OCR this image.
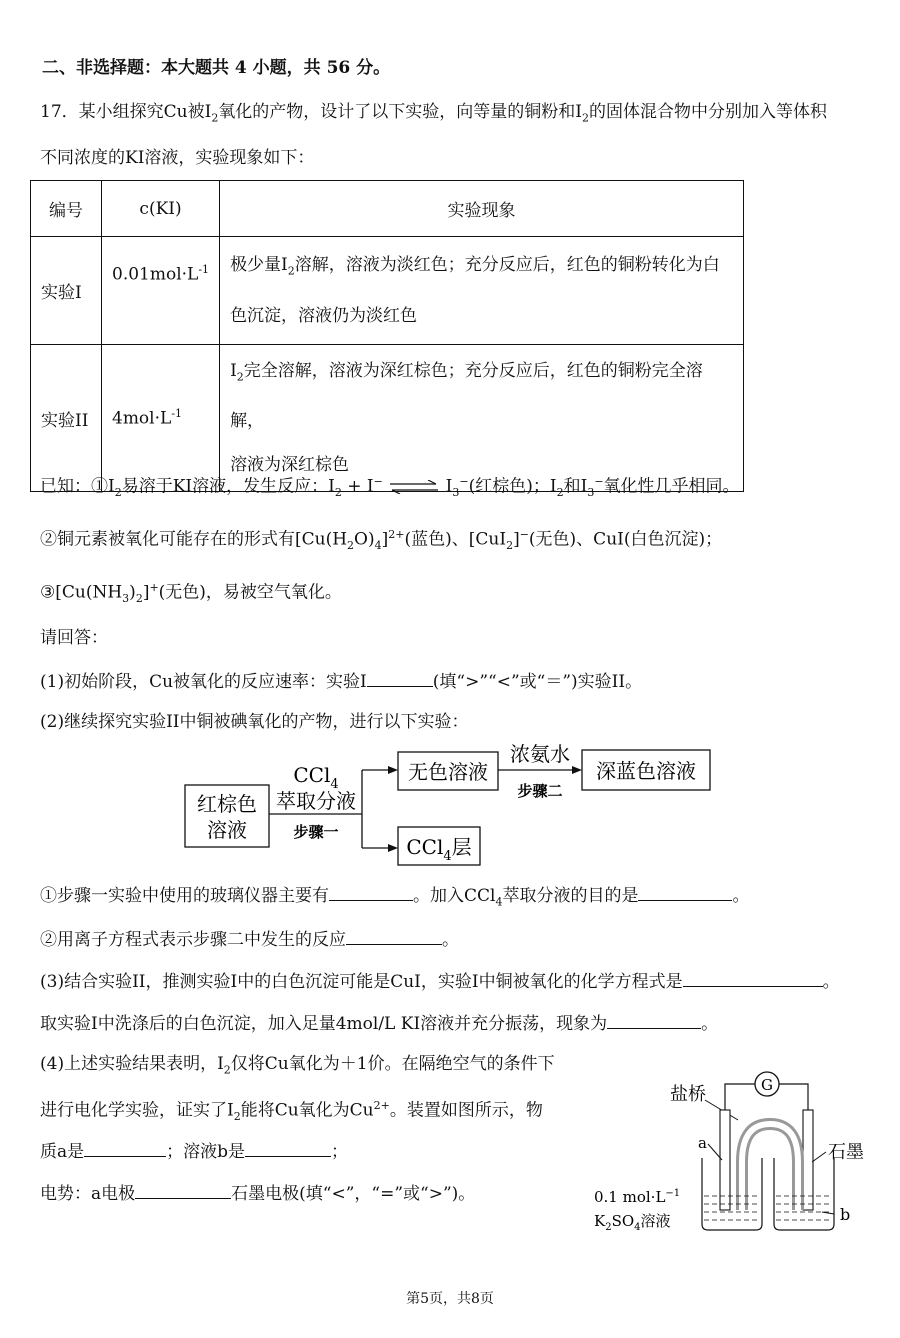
二、非选择题：本大题共 4 小题，共 56 分。
17．某小组探究Cu被$I_2$氧化的产物，设计了以下实验，向等量的铜粉和$I_2$的固体混合物中分别加入等体积
不同浓度的KI溶液，实验现象如下：
编号	c(KI)	实验现象
实验I	$0.01mol\cdot L^{-1}$	极少量$I_2$溶解，溶液为淡红色；充分反应后，红色的铜粉转化为白
色沉淀，溶液仍为淡红色
实验II	$4mol\cdot L^{-1}$	$I_2$完全溶解，溶液为深红棕色；充分反应后，红色的铜粉完全溶解，
溶液为深红棕色
已知：$①I_2$易溶于KI溶液，发生反应：$I_2 + I^-$ ⇌ $I_3^-$(红棕色)；$I_2$和$I_3^-$氧化性几乎相同。
②铜元素被氧化可能存在的形式有$[Cu(H_2O)_4]^{2+}$(蓝色)、[CuI$_2$]−(无色)、CuI(白色沉淀)；
$③[Cu(NH_3)_2]^+$(无色)，易被空气氧化。
请回答：
(1)初始阶段，Cu被氧化的反应速率：实验I	(填“>”“<”或“＝”)实验II。
(2)继续探究实验II中铜被碘氧化的产物，进行以下实验：
红棕色
溶液
CCl$_4$
萃取分液
步骤一
无色溶液
浓氨水
步骤二
深蓝色溶液
CCl$_4$层
①步骤一实验中使用的玻璃仪器主要有	。加入CCl$_4$萃取分液的目的是	。
②用离子方程式表示步骤二中发生的反应	。
(3)结合实验II，推测实验I中的白色沉淀可能是CuI，实验I中铜被氧化的化学方程式是	。
取实验I中洗涤后的白色沉淀，加入足量4mol/L KI溶液并充分振荡，现象为	。
(4)上述实验结果表明，$I_2$仅将Cu氧化为＋1价。在隔绝空气的条件下
进行电化学实验，证实了$I_2$能将Cu氧化为$Cu^{2+}$。装置如图所示，物
质a是	；溶液b是	；
电势：a电极	石墨电极(填“<”，“=”或“>”)。
G
盐桥
a	石墨
0.1 $mol\cdot L^{-1}$
$K_2SO_4$溶液	b
第5页，共8页
